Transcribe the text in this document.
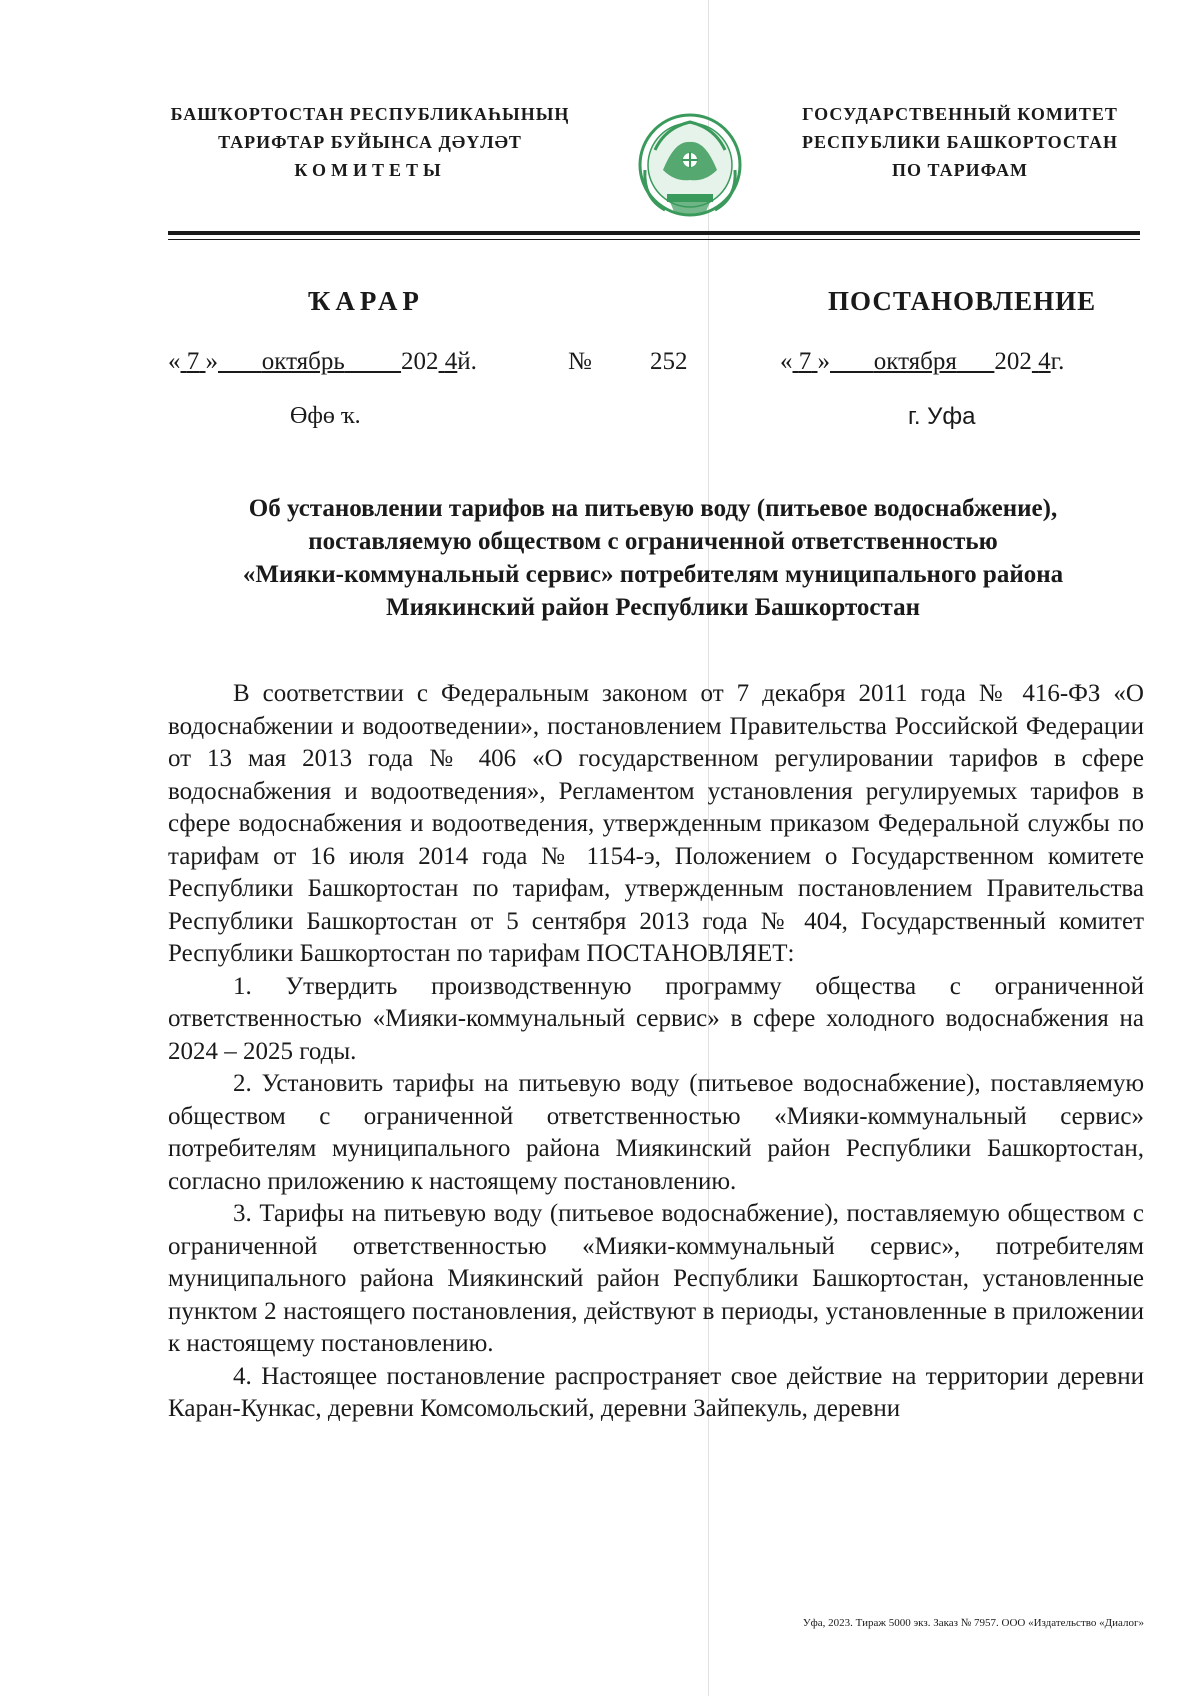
БАШҠОРТОСТАН РЕСПУБЛИКАҺЫНЫҢ
ТАРИФТАР БУЙЫНСА ДӘҮЛӘТ
КОМИТЕТЫ
ГОСУДАРСТВЕННЫЙ КОМИТЕТ
РЕСПУБЛИКИ БАШКОРТОСТАН
ПО ТАРИФАМ
ҠАРАР	ПОСТАНОВЛЕНИЕ
« 7 » октябрь 202 4й.	№ 252	« 7 » октября 202 4г.
Өфө ҡ.	г. Уфа
Об установлении тарифов на питьевую воду (питьевое водоснабжение),
поставляемую обществом с ограниченной ответственностью
«Мияки-коммунальный сервис» потребителям муниципального района
Миякинский район Республики Башкортостан

В соответствии с Федеральным законом от 7 декабря 2011 года № 416-ФЗ «О водоснабжении и водоотведении», постановлением Правительства Российской Федерации от 13 мая 2013 года № 406 «О государственном регулировании тарифов в сфере водоснабжения и водоотведения», Регламентом установления регулируемых тарифов в сфере водоснабжения и водоотведения, утвержденным приказом Федеральной службы по тарифам от 16 июля 2014 года № 1154-э, Положением о Государственном комитете Республики Башкортостан по тарифам, утвержденным постановлением Правительства Республики Башкортостан от 5 сентября 2013 года № 404, Государственный комитет Республики Башкортостан по тарифам ПОСТАНОВЛЯЕТ:

1. Утвердить производственную программу общества с ограниченной ответственностью «Мияки-коммунальный сервис» в сфере холодного водоснабжения на 2024 – 2025 годы.

2. Установить тарифы на питьевую воду (питьевое водоснабжение), поставляемую обществом с ограниченной ответственностью «Мияки-коммунальный сервис» потребителям муниципального района Миякинский район Республики Башкортостан, согласно приложению к настоящему постановлению.

3. Тарифы на питьевую воду (питьевое водоснабжение), поставляемую обществом с ограниченной ответственностью «Мияки-коммунальный сервис», потребителям муниципального района Миякинский район Республики Башкортостан, установленные пунктом 2 настоящего постановления, действуют в периоды, установленные в приложении к настоящему постановлению.

4. Настоящее постановление распространяет свое действие на территории деревни Каран-Кункас, деревни Комсомольский, деревни Зайпекуль, деревни

Уфа, 2023. Тираж 5000 экз. Заказ № 7957. ООО «Издательство «Диалог»
